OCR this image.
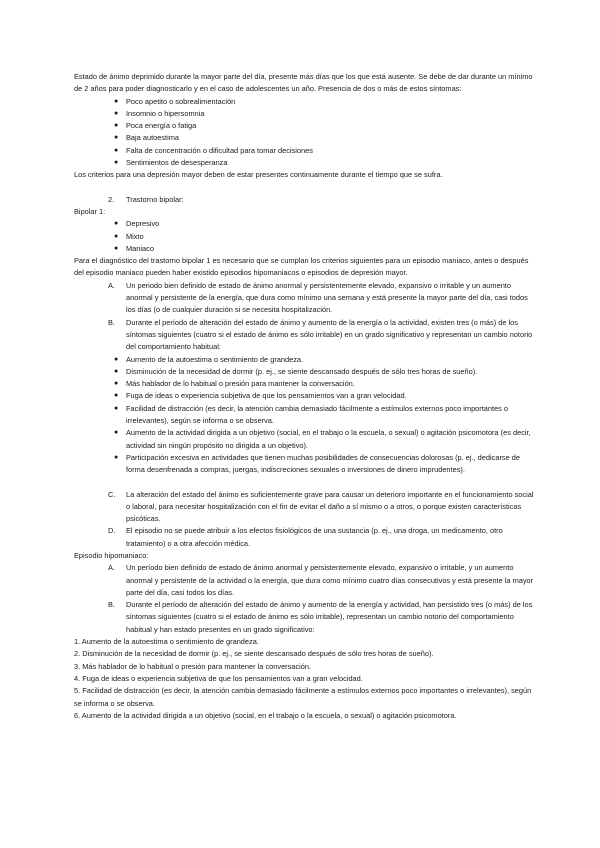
Estado de ánimo deprimido durante la mayor parte del día, presente más días que los que está ausente. Se debe de dar durante un mínimo de 2 años para poder diagnosticarlo y en el caso de adolescentes un año. Presencia de dos o más de estos síntomas:

●	Poco apetito o sobrealimentación
●	Insomnio o hipersomnia
●	Poca energía o fatiga
●	Baja autoestima
●	Falta de concentración o dificultad para tomar decisiones
●	Sentimientos de desesperanza

Los criterios para una depresión mayor deben de estar presentes continuamente durante el tiempo que se sufra.

2.	Trastorno bipolar:

Bipolar 1:

●	Depresivo
●	Mixto
●	Maniaco

Para el diagnóstico del trastorno bipolar 1 es necesario que se cumplan los criterios siguientes para un episodio maniaco, antes o después del episodio maniaco pueden haber existido episodios hipomaniacos o episodios de depresión mayor.

A.	Un periodo bien definido de estado de ánimo anormal y persistentemente elevado, expansivo o irritable y un aumento anormal y persistente de la energía, que dura como mínimo una semana y está presente la mayor parte del día, casi todos los días (o de cualquier duración si se necesita hospitalización.
B.	Durante el período de alteración del estado de ánimo y aumento de la energía o la actividad, existen tres (o más) de los síntomas siguientes (cuatro si el estado de ánimo es sólo irritable) en un grado significativo y representan un cambio notorio del comportamiento habitual:
●	Aumento de la autoestima o sentimiento de grandeza.
●	Disminución de la necesidad de dormir (p. ej., se siente descansado después de sólo tres horas de sueño).
●	Más hablador de lo habitual o presión para mantener la conversación.
●	Fuga de ideas o experiencia subjetiva de que los pensamientos van a gran velocidad.
●	Facilidad de distracción (es decir, la atención cambia demasiado fácilmente a estímulos externos poco importantes o irrelevantes), según se informa o se observa.
●	Aumento de la actividad dirigida a un objetivo (social, en el trabajo o la escuela, o sexual) o agitación psicomotora (es decir, actividad sin ningún propósito no dirigida a un objetivo).
●	Participación excesiva en actividades que tienen muchas posibilidades de consecuencias dolorosas (p. ej., dedicarse de forma desenfrenada a compras, juergas, indiscreciones sexuales o inversiones de dinero imprudentes).
C.	La alteración del estado del ánimo es suficientemente grave para causar un deterioro importante en el funcionamiento social o laboral, para necesitar hospitalización con el fin de evitar el daño a sí mismo o a otros, o porque existen características psicóticas.
D.	El episodio no se puede atribuir a los efectos fisiológicos de una sustancia (p. ej., una droga, un medicamento, otro tratamiento) o a otra afección médica.

Episodio hipomaniaco:

A.	Un período bien definido de estado de ánimo anormal y persistentemente elevado, expansivo o irritable, y un aumento anormal y persistente de la actividad o la energía, que dura como mínimo cuatro días consecutivos y está presente la mayor parte del día, casi todos los días.
B.	Durante el período de alteración del estado de ánimo y aumento de la energía y actividad, han persistido tres (o más) de los síntomas siguientes (cuatro si el estado de ánimo es sólo irritable), representan un cambio notorio del comportamiento habitual y han estado presentes en un grado significativo:

1. Aumento de la autoestima o sentimiento de grandeza.

2. Disminución de la necesidad de dormir (p. ej., se siente descansado después de sólo tres horas de sueño).

3. Más hablador de lo habitual o presión para mantener la conversación.

4. Fuga de ideas o experiencia subjetiva de que los pensamientos van a gran velocidad.

5. Facilidad de distracción (es decir, la atención cambia demasiado fácilmente a estímulos externos poco importantes o irrelevantes), según se informa o se observa.

6. Aumento de la actividad dirigida a un objetivo (social, en el trabajo o la escuela, o sexual) o agitación psicomotora.
